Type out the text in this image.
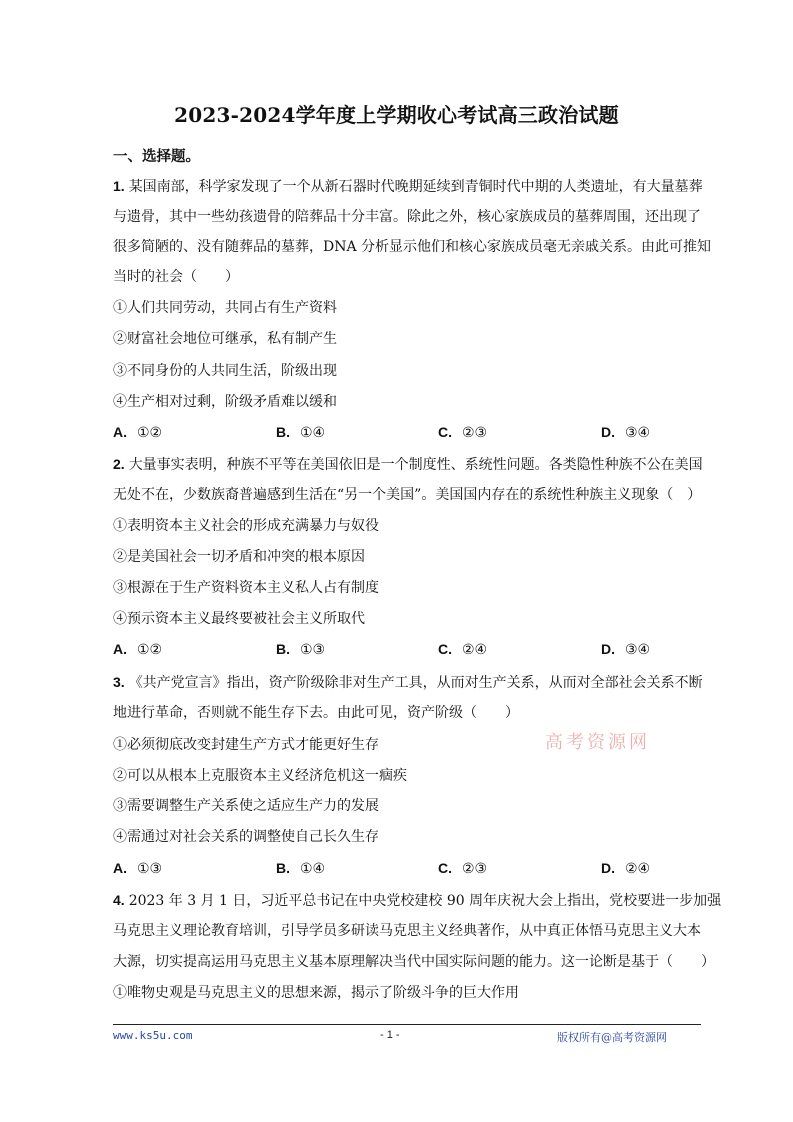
2023-2024学年度上学期收心考试高三政治试题
一、选择题。
1. 某国南部，科学家发现了一个从新石器时代晚期延续到青铜时代中期的人类遗址，有大量墓葬
与遗骨，其中一些幼孩遗骨的陪葬品十分丰富。除此之外，核心家族成员的墓葬周围，还出现了
很多简陋的、没有随葬品的墓葬，DNA 分析显示他们和核心家族成员毫无亲戚关系。由此可推知
当时的社会（　　）
①人们共同劳动，共同占有生产资料
②财富社会地位可继承，私有制产生
③不同身份的人共同生活，阶级出现
④生产相对过剩，阶级矛盾难以缓和
A. ①②	B. ①④	C. ②③	D. ③④
2. 大量事实表明，种族不平等在美国依旧是一个制度性、系统性问题。各类隐性种族不公在美国
无处不在，少数族裔普遍感到生活在“另一个美国”。美国国内存在的系统性种族主义现象（　）
①表明资本主义社会的形成充满暴力与奴役
②是美国社会一切矛盾和冲突的根本原因
③根源在于生产资料资本主义私人占有制度
④预示资本主义最终要被社会主义所取代
A. ①②	B. ①③	C. ②④	D. ③④
3. 《共产党宣言》指出，资产阶级除非对生产工具，从而对生产关系，从而对全部社会关系不断
地进行革命，否则就不能生存下去。由此可见，资产阶级（　　）
①必须彻底改变封建生产方式才能更好生存
②可以从根本上克服资本主义经济危机这一痼疾
③需要调整生产关系使之适应生产力的发展
④需通过对社会关系的调整使自己长久生存
A. ①③	B. ①④	C. ②③	D. ②④
4. 2023 年 3 月 1 日，习近平总书记在中央党校建校 90 周年庆祝大会上指出，党校要进一步加强
马克思主义理论教育培训，引导学员多研读马克思主义经典著作，从中真正体悟马克思主义大本
大源，切实提高运用马克思主义基本原理解决当代中国实际问题的能力。这一论断是基于（　　）
①唯物史观是马克思主义的思想来源，揭示了阶级斗争的巨大作用
高考资源网
www.ks5u.com	- 1 -	版权所有@高考资源网
